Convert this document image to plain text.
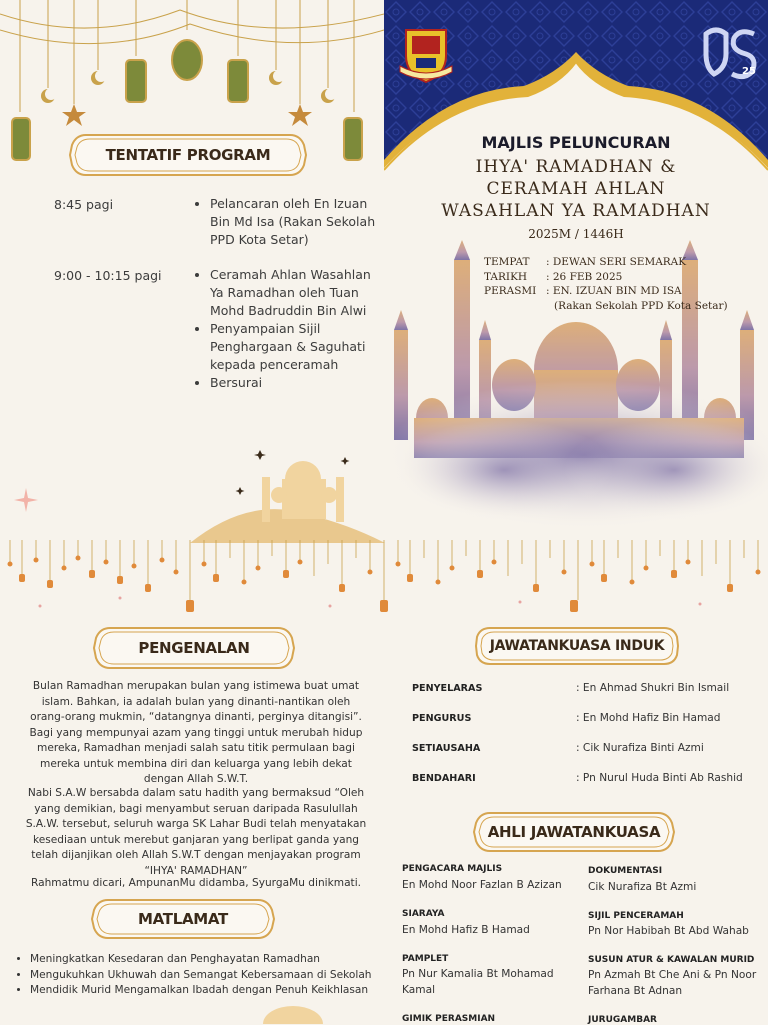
TENTATIF PROGRAM
8:45 pagi	• Pelancaran oleh En Izuan Bin Md Isa (Rakan Sekolah PPD Kota Setar)
9:00 - 10:15 pagi	• Ceramah Ahlan Wasahlan Ya Ramadhan oleh Tuan Mohd Badruddin Bin Alwi
• Penyampaian Sijil Penghargaan & Saguhati kepada penceramah
• Bersurai
25
MAJLIS PELUNCURAN
IHYA' RAMADHAN &
CERAMAH AHLAN
WASAHLAN YA RAMADHAN
2025M / 1446H
TEMPAT : DEWAN SERI SEMARAK
TARIKH : 26 FEB 2025
PERASMI : EN. IZUAN BIN MD ISA
(Rakan Sekolah PPD Kota Setar)
PENGENALAN
Bulan Ramadhan merupakan bulan yang istimewa buat umat islam. Bahkan, ia adalah bulan yang dinanti-nantikan oleh orang-orang mukmin, “datangnya dinanti, perginya ditangisi”. Bagi yang mempunyai azam yang tinggi untuk merubah hidup mereka, Ramadhan menjadi salah satu titik permulaan bagi mereka untuk membina diri dan keluarga yang lebih dekat dengan Allah S.W.T.
Nabi S.A.W bersabda dalam satu hadith yang bermaksud “Oleh yang demikian, bagi menyambut seruan daripada Rasulullah S.A.W. tersebut, seluruh warga SK Lahar Budi telah menyatakan kesediaan untuk merebut ganjaran yang berlipat ganda yang telah dijanjikan oleh Allah S.W.T dengan menjayakan program “IHYA' RAMADHAN”
Rahmatmu dicari, AmpunanMu didamba, SyurgaMu dinikmati.
MATLAMAT
• Meningkatkan Kesedaran dan Penghayatan Ramadhan
• Mengukuhkan Ukhuwah dan Semangat Kebersamaan di Sekolah
• Mendidik Murid Mengamalkan Ibadah dengan Penuh Keikhlasan
JAWATANKUASA INDUK
PENYELARAS	: En Ahmad Shukri Bin Ismail
PENGURUS	: En Mohd Hafiz Bin Hamad
SETIAUSAHA	: Cik Nurafiza Binti Azmi
BENDAHARI	: Pn Nurul Huda Binti Ab Rashid
AHLI JAWATANKUASA
PENGACARA MAJLIS
En Mohd Noor Fazlan B Azizan
SIARAYA
En Mohd Hafiz B Hamad
PAMPLET
Pn Nur Kamalia Bt Mohamad Kamal
GIMIK PERASMIAN
DOKUMENTASI
Cik Nurafiza Bt Azmi
SIJIL PENCERAMAH
Pn Nor Habibah Bt Abd Wahab
SUSUN ATUR & KAWALAN MURID
Pn Azmah Bt Che Ani & Pn Noor Farhana Bt Adnan
JURUGAMBAR
